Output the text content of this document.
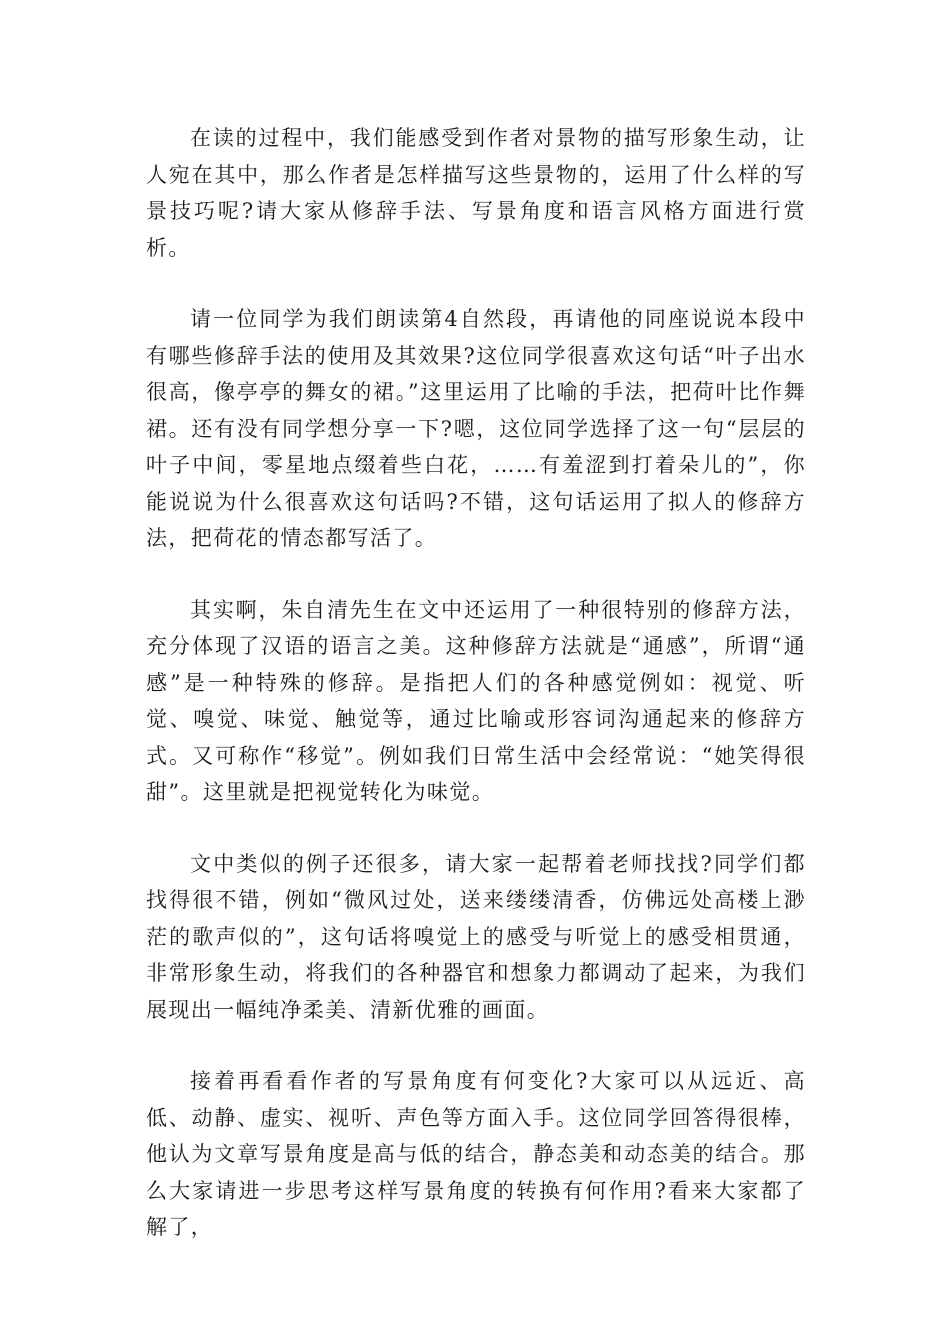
在读的过程中，我们能感受到作者对景物的描写形象生动，让人宛在其中，那么作者是怎样描写这些景物的，运用了什么样的写景技巧呢?请大家从修辞手法、写景角度和语言风格方面进行赏析。

请一位同学为我们朗读第4自然段，再请他的同座说说本段中有哪些修辞手法的使用及其效果?这位同学很喜欢这句话“叶子出水很高，像亭亭的舞女的裙。”这里运用了比喻的手法，把荷叶比作舞裙。还有没有同学想分享一下?嗯，这位同学选择了这一句“层层的叶子中间，零星地点缀着些白花，……有羞涩到打着朵儿的”，你能说说为什么很喜欢这句话吗?不错，这句话运用了拟人的修辞方法，把荷花的情态都写活了。

其实啊，朱自清先生在文中还运用了一种很特别的修辞方法，充分体现了汉语的语言之美。这种修辞方法就是“通感”，所谓“通感”是一种特殊的修辞。是指把人们的各种感觉例如：视觉、听觉、嗅觉、味觉、触觉等，通过比喻或形容词沟通起来的修辞方式。又可称作“移觉”。例如我们日常生活中会经常说：“她笑得很甜”。这里就是把视觉转化为味觉。

文中类似的例子还很多，请大家一起帮着老师找找?同学们都找得很不错，例如“微风过处，送来缕缕清香，仿佛远处高楼上渺茫的歌声似的”，这句话将嗅觉上的感受与听觉上的感受相贯通，非常形象生动，将我们的各种器官和想象力都调动了起来，为我们展现出一幅纯净柔美、清新优雅的画面。

接着再看看作者的写景角度有何变化?大家可以从远近、高低、动静、虚实、视听、声色等方面入手。这位同学回答得很棒，他认为文章写景角度是高与低的结合，静态美和动态美的结合。那么大家请进一步思考这样写景角度的转换有何作用?看来大家都了解了，
